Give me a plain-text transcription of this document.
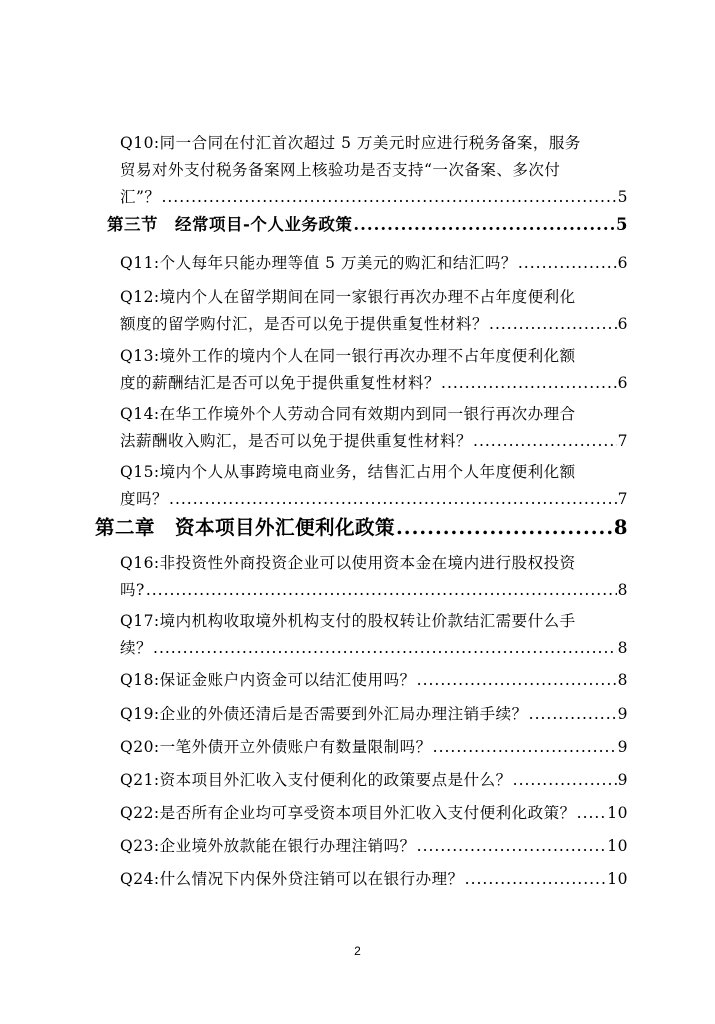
Q10:同一合同在付汇首次超过 5 万美元时应进行税务备案，服务
贸易对外支付税务备案网上核验功是否支持“一次备案、多次付
汇”？ .....	5
第三节　经常项目-个人业务政策 .....	5
Q11:个人每年只能办理等值 5 万美元的购汇和结汇吗？ .....	6
Q12:境内个人在留学期间在同一家银行再次办理不占年度便利化
额度的留学购付汇，是否可以免于提供重复性材料？ .....	6
Q13:境外工作的境内个人在同一银行再次办理不占年度便利化额
度的薪酬结汇是否可以免于提供重复性材料？ .....	6
Q14:在华工作境外个人劳动合同有效期内到同一银行再次办理合
法薪酬收入购汇，是否可以免于提供重复性材料？ .....	7
Q15:境内个人从事跨境电商业务，结售汇占用个人年度便利化额
度吗？ .....	7
第二章　资本项目外汇便利化政策 .....	8
Q16:非投资性外商投资企业可以使用资本金在境内进行股权投资
吗? .....	8
Q17:境内机构收取境外机构支付的股权转让价款结汇需要什么手
续？ .....	8
Q18:保证金账户内资金可以结汇使用吗？ .....	8
Q19:企业的外债还清后是否需要到外汇局办理注销手续？ .....	9
Q20:一笔外债开立外债账户有数量限制吗？ .....	9
Q21:资本项目外汇收入支付便利化的政策要点是什么？ .....	9
Q22:是否所有企业均可享受资本项目外汇收入支付便利化政策？ ..... 10
Q23:企业境外放款能在银行办理注销吗？ .....	10
Q24:什么情况下内保外贷注销可以在银行办理？ .....	10
2
